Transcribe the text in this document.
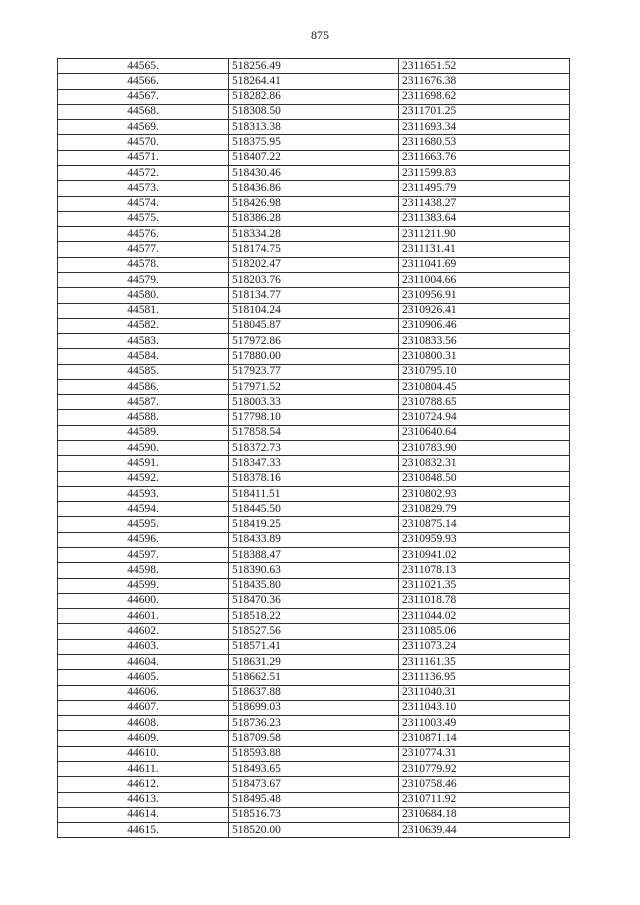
875
44565.	518256.49	2311651.52
44566.	518264.41	2311676.38
44567.	518282.86	2311698.62
44568.	518308.50	2311701.25
44569.	518313.38	2311693.34
44570.	518375.95	2311680.53
44571.	518407.22	2311663.76
44572.	518430.46	2311599.83
44573.	518436.86	2311495.79
44574.	518426.98	2311438.27
44575.	518386.28	2311383.64
44576.	518334.28	2311211.90
44577.	518174.75	2311131.41
44578.	518202.47	2311041.69
44579.	518203.76	2311004.66
44580.	518134.77	2310956.91
44581.	518104.24	2310926.41
44582.	518045.87	2310906.46
44583.	517972.86	2310833.56
44584.	517880.00	2310800.31
44585.	517923.77	2310795.10
44586.	517971.52	2310804.45
44587.	518003.33	2310788.65
44588.	517798.10	2310724.94
44589.	517858.54	2310640.64
44590.	518372.73	2310783.90
44591.	518347.33	2310832.31
44592.	518378.16	2310848.50
44593.	518411.51	2310802.93
44594.	518445.50	2310829.79
44595.	518419.25	2310875.14
44596.	518433.89	2310959.93
44597.	518388.47	2310941.02
44598.	518390.63	2311078.13
44599.	518435.80	2311021.35
44600.	518470.36	2311018.78
44601.	518518.22	2311044.02
44602.	518527.56	2311085.06
44603.	518571.41	2311073.24
44604.	518631.29	2311161.35
44605.	518662.51	2311136.95
44606.	518637.88	2311040.31
44607.	518699.03	2311043.10
44608.	518736.23	2311003.49
44609.	518709.58	2310871.14
44610.	518593.88	2310774.31
44611.	518493.65	2310779.92
44612.	518473.67	2310758.46
44613.	518495.48	2310711.92
44614.	518516.73	2310684.18
44615.	518520.00	2310639.44
